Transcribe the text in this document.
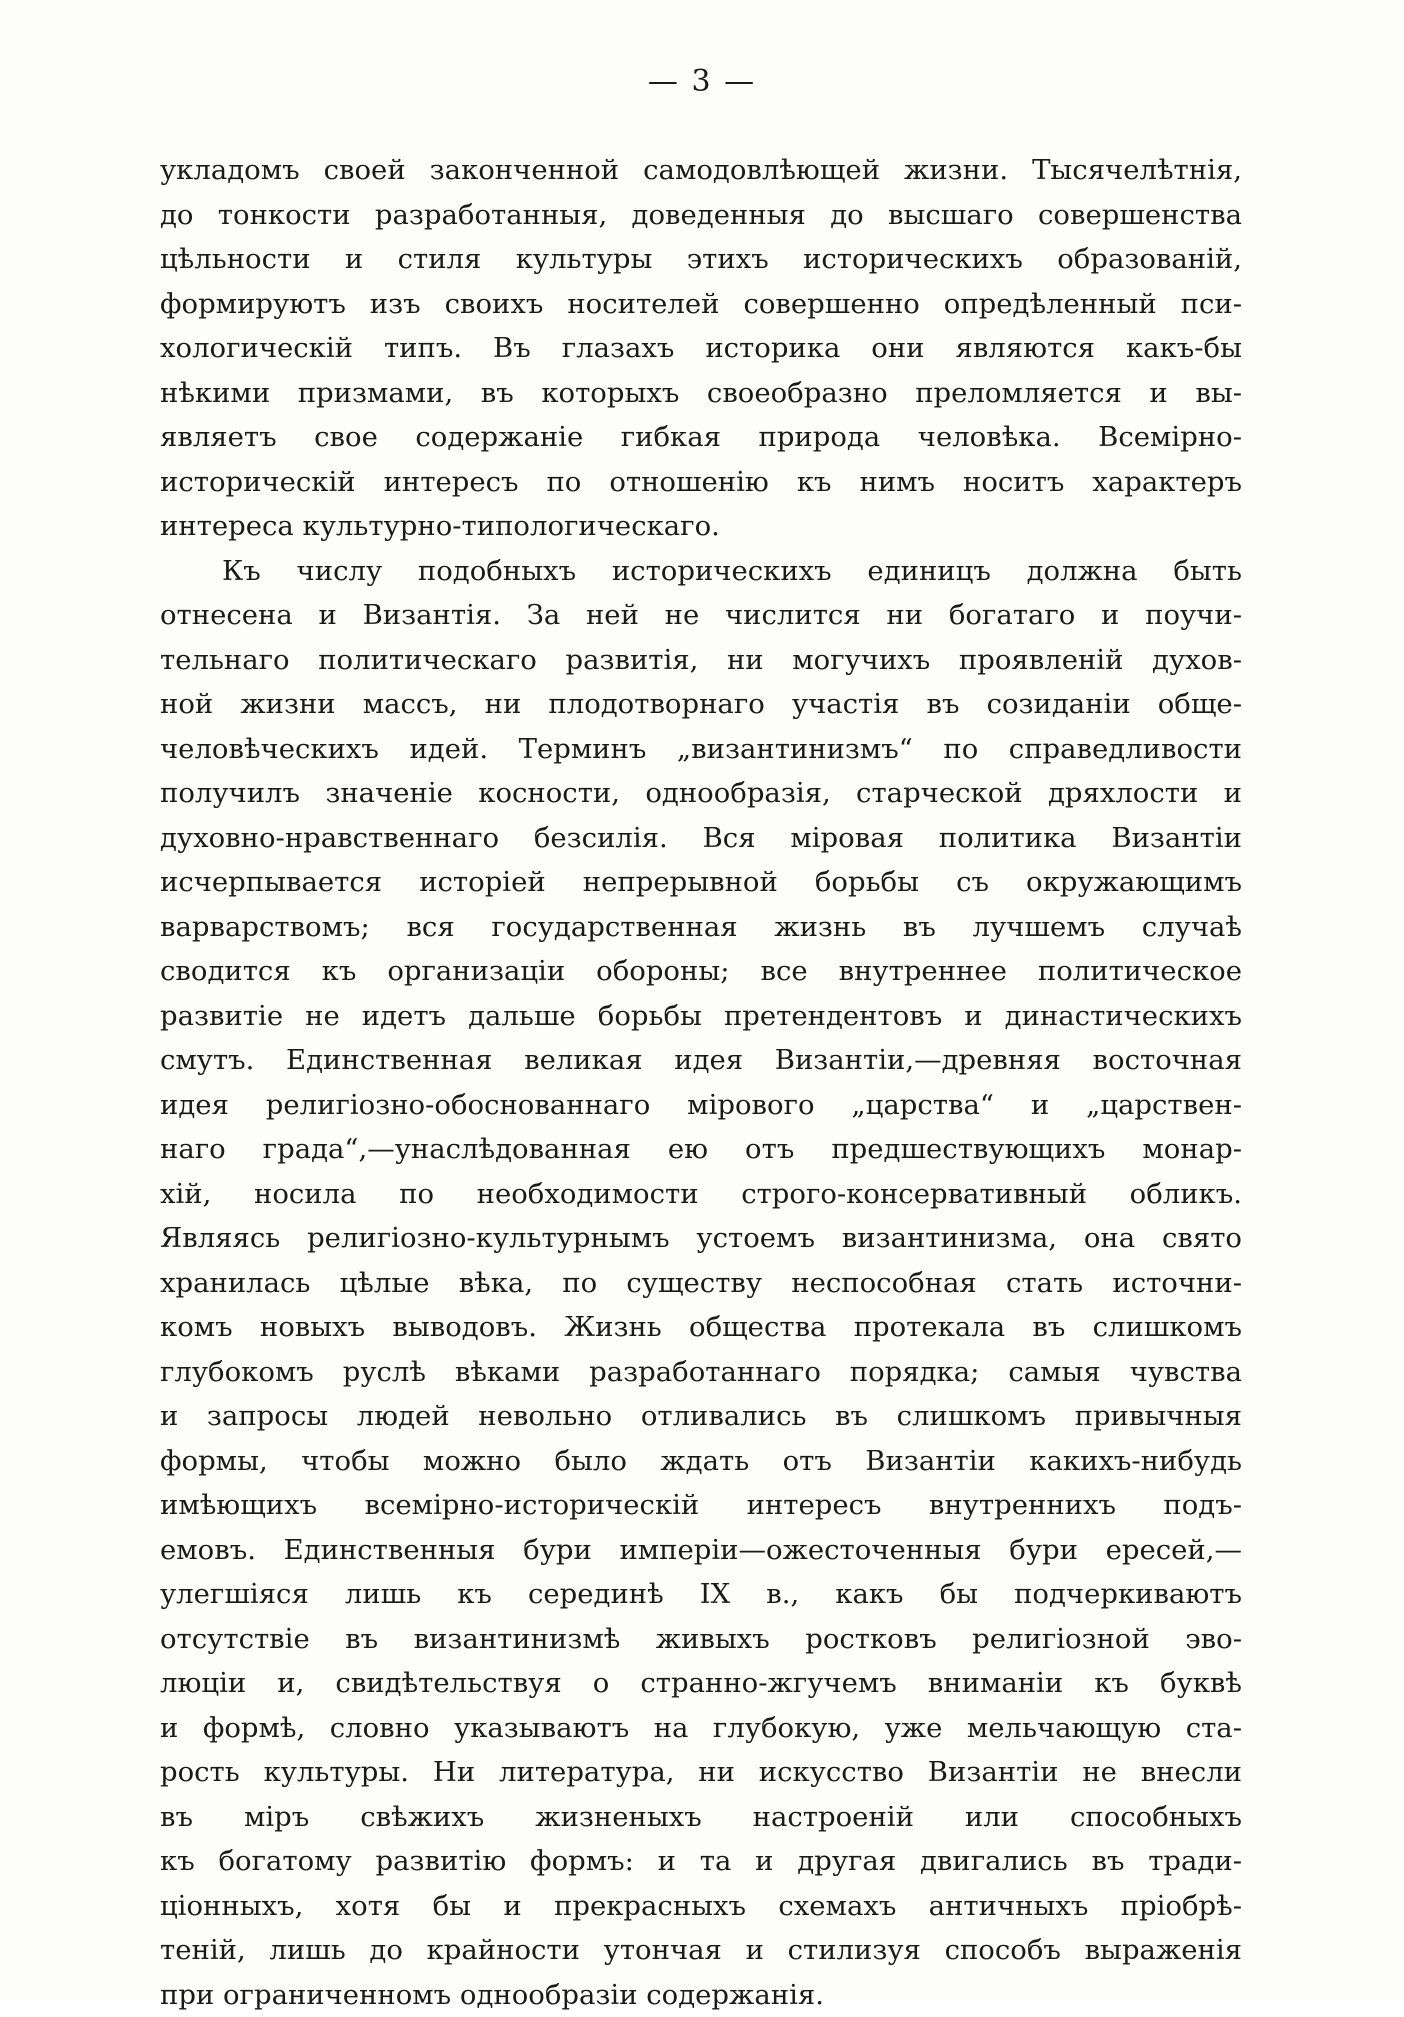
— 3 —
укладомъ своей законченной самодовлѣющей жизни. Тысячелѣтнія,
до тонкости разработанныя, доведенныя до высшаго совершенства
цѣльности и стиля культуры этихъ историческихъ образованій,
формируютъ изъ своихъ носителей совершенно опредѣленный пси-
хологическій типъ. Въ глазахъ историка они являются какъ-бы
нѣкими призмами, въ которыхъ своеобразно преломляется и вы-
являетъ свое содержаніе гибкая природа человѣка. Всемірно-
историческій интересъ по отношенію къ нимъ носитъ характеръ
интереса культурно-типологическаго.
Къ числу подобныхъ историческихъ единицъ должна быть
отнесена и Византія. За ней не числится ни богатаго и поучи-
тельнаго политическаго развитія, ни могучихъ проявленій духов-
ной жизни массъ, ни плодотворнаго участія въ созиданіи обще-
человѣческихъ идей. Терминъ „византинизмъ“ по справедливости
получилъ значеніе косности, однообразія, старческой дряхлости и
духовно-нравственнаго безсилія. Вся міровая политика Византіи
исчерпывается исторіей непрерывной борьбы съ окружающимъ
варварствомъ; вся государственная жизнь въ лучшемъ случаѣ
сводится къ организаціи обороны; все внутреннее политическое
развитіе не идетъ дальше борьбы претендентовъ и династическихъ
смутъ. Единственная великая идея Византіи,—древняя восточная
идея религіозно-обоснованнаго мірового „царства“ и „царствен-
наго града“,—унаслѣдованная ею отъ предшествующихъ монар-
хій, носила по необходимости строго-консервативный обликъ.
Являясь религіозно-культурнымъ устоемъ византинизма, она свято
хранилась цѣлые вѣка, по существу неспособная стать источни-
комъ новыхъ выводовъ. Жизнь общества протекала въ слишкомъ
глубокомъ руслѣ вѣками разработаннаго порядка; самыя чувства
и запросы людей невольно отливались въ слишкомъ привычныя
формы, чтобы можно было ждать отъ Византіи какихъ-нибудь
имѣющихъ всемірно-историческій интересъ внутреннихъ подъ-
емовъ. Единственныя бури имперіи—ожесточенныя бури ересей,—
улегшіяся лишь къ серединѣ IX в., какъ бы подчеркиваютъ
отсутствіе въ византинизмѣ живыхъ ростковъ религіозной эво-
люціи и, свидѣтельствуя о странно-жгучемъ вниманіи къ буквѣ
и формѣ, словно указываютъ на глубокую, уже мельчающую ста-
рость культуры. Ни литература, ни искусство Византіи не внесли
въ міръ свѣжихъ жизненыхъ настроеній или способныхъ
къ богатому развитію формъ: и та и другая двигались въ тради-
ціонныхъ, хотя бы и прекрасныхъ схемахъ античныхъ пріобрѣ-
теній, лишь до крайности утончая и стилизуя способъ выраженія
при ограниченномъ однообразіи содержанія.
